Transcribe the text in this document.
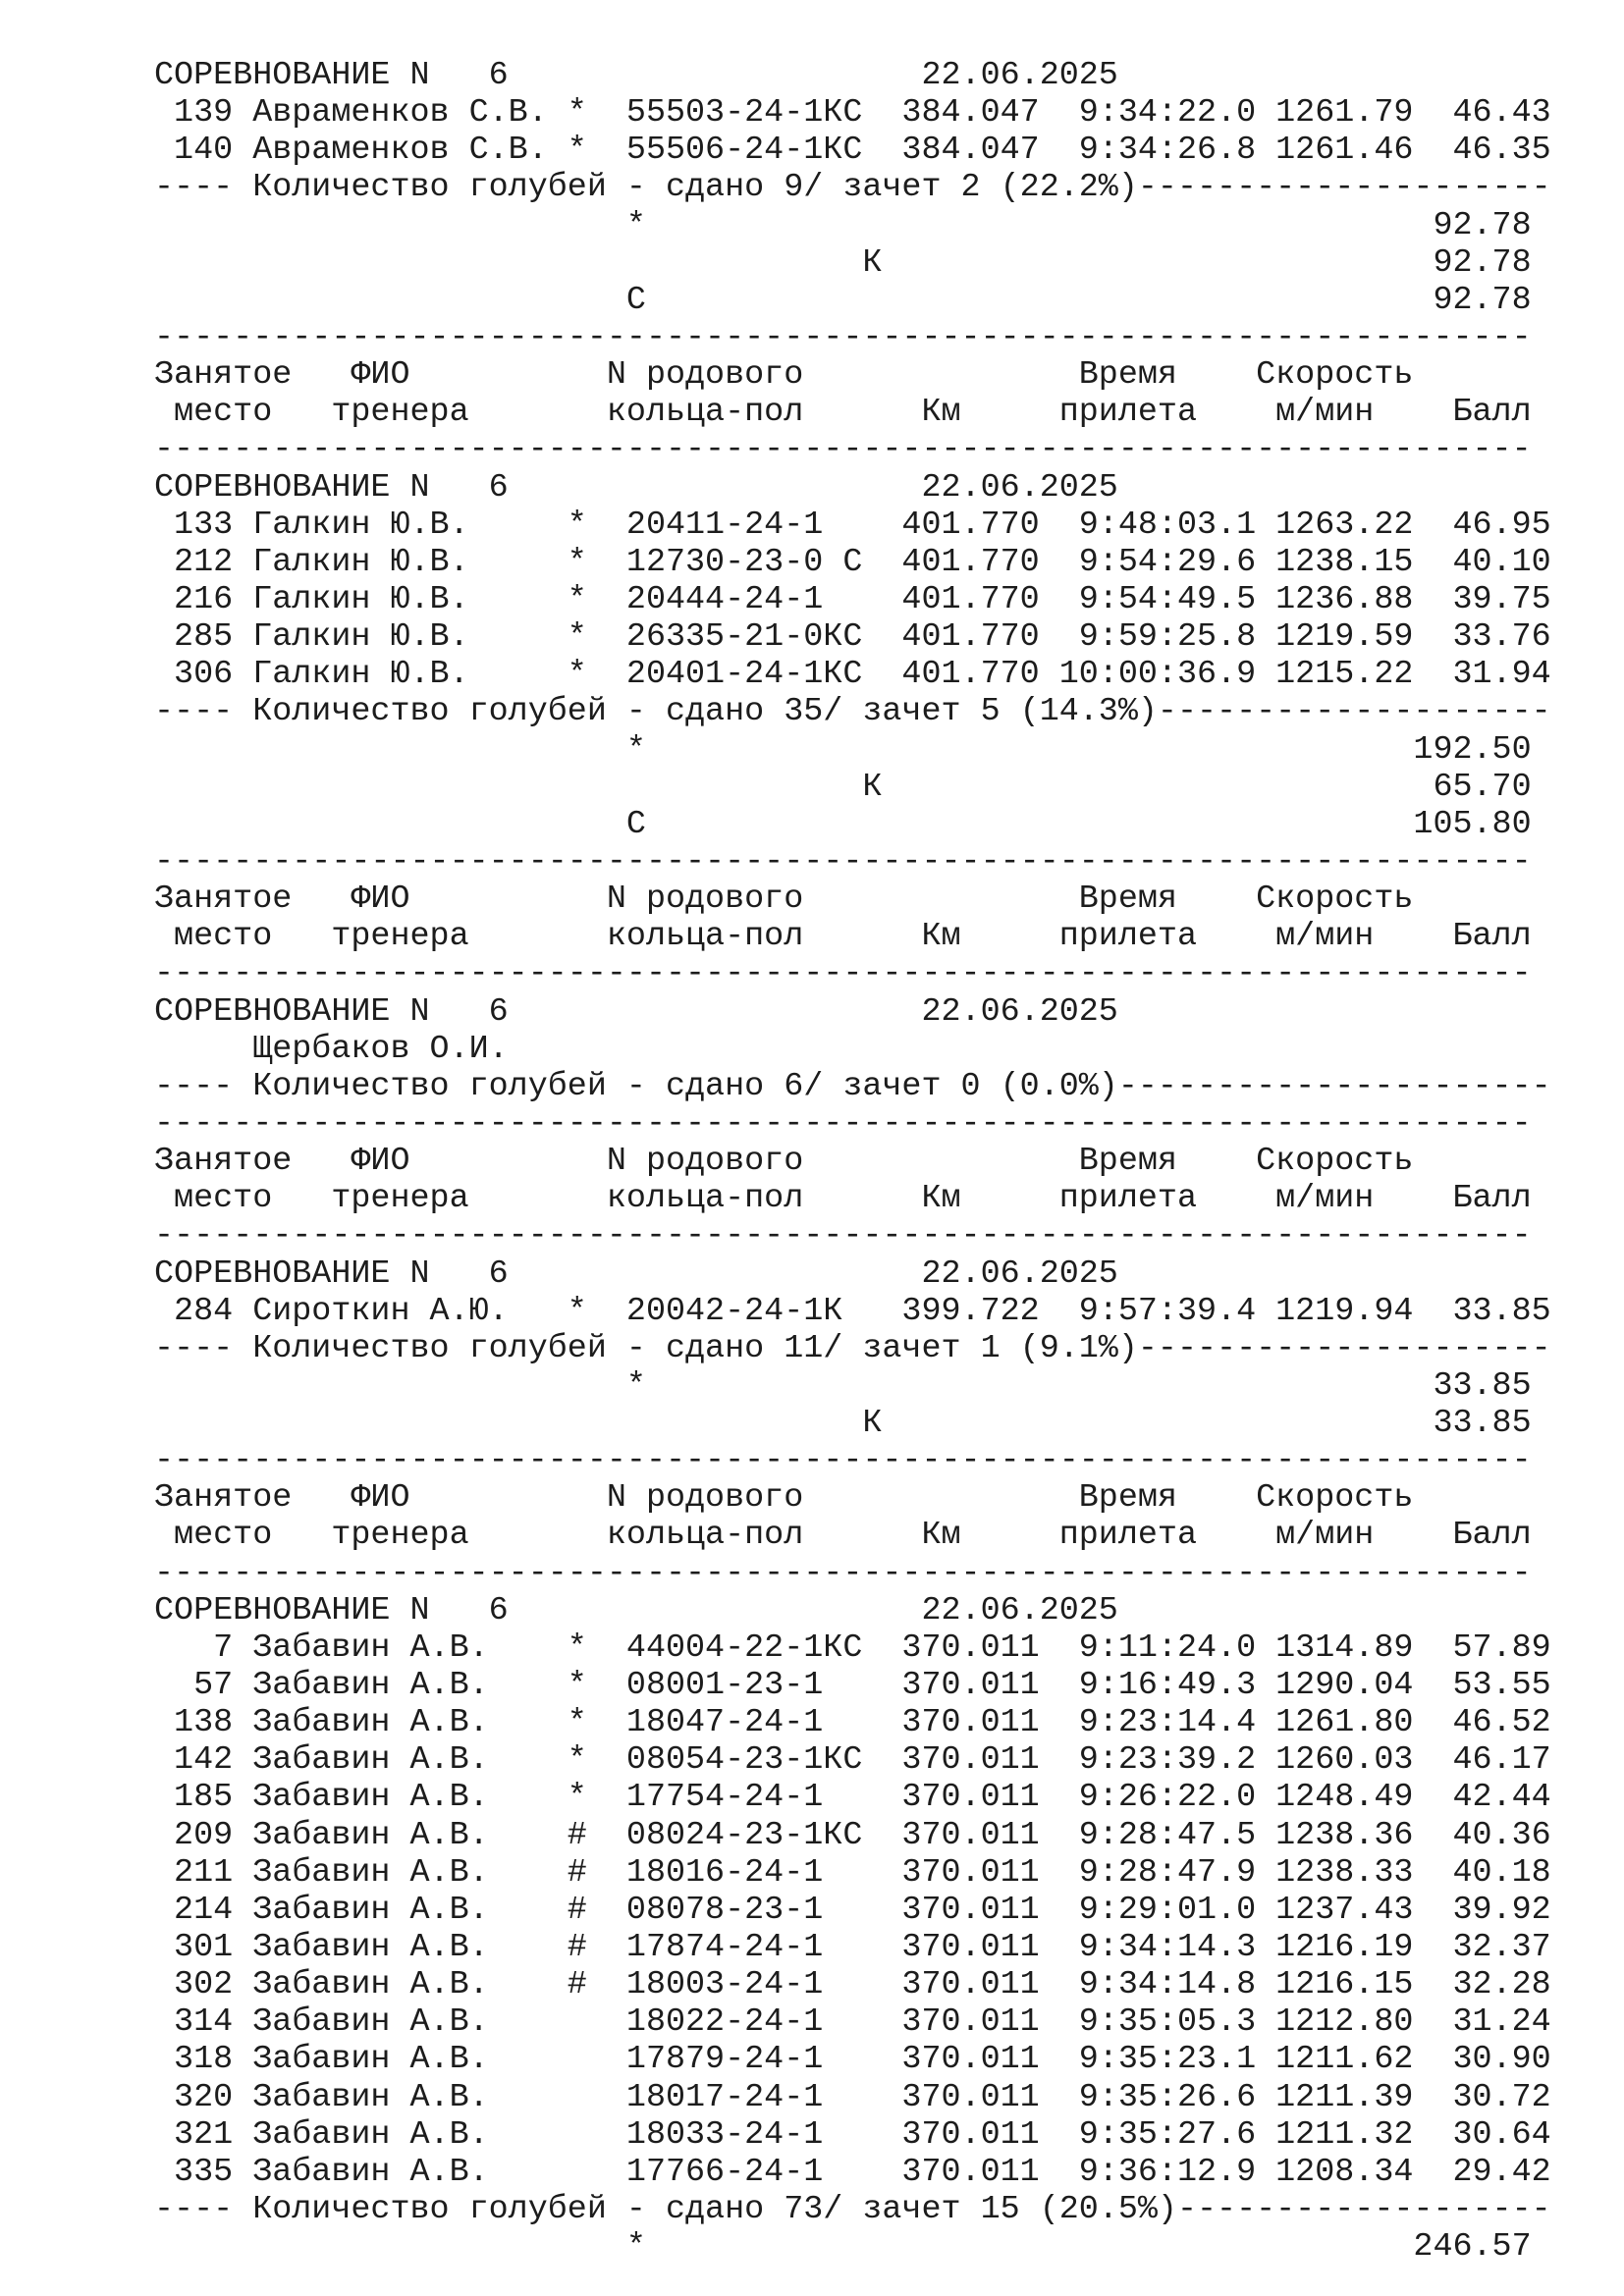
СОРЕВНОВАНИЕ N   6                     22.06.2025
139 Авраменков С.В. *  55503-24-1КС  384.047  9:34:22.0 1261.79  46.43
140 Авраменков С.В. *  55506-24-1КС  384.047  9:34:26.8 1261.46  46.35
---- Количество голубей - сдано 9/ зачет 2 (22.2%)---------------------
*                                        92.78
К                            92.78
С                                        92.78
----------------------------------------------------------------------
Занятое   ФИО          N родового              Время    Скорость
место   тренера       кольца-пол      Км     прилета    м/мин    Балл
----------------------------------------------------------------------
СОРЕВНОВАНИЕ N   6                     22.06.2025
133 Галкин Ю.В.     *  20411-24-1    401.770  9:48:03.1 1263.22  46.95
212 Галкин Ю.В.     *  12730-23-0 С  401.770  9:54:29.6 1238.15  40.10
216 Галкин Ю.В.     *  20444-24-1    401.770  9:54:49.5 1236.88  39.75
285 Галкин Ю.В.     *  26335-21-0КС  401.770  9:59:25.8 1219.59  33.76
306 Галкин Ю.В.     *  20401-24-1КС  401.770 10:00:36.9 1215.22  31.94
---- Количество голубей - сдано 35/ зачет 5 (14.3%)--------------------
*                                       192.50
К                            65.70
С                                       105.80
----------------------------------------------------------------------
Занятое   ФИО          N родового              Время    Скорость
место   тренера       кольца-пол      Км     прилета    м/мин    Балл
----------------------------------------------------------------------
СОРЕВНОВАНИЕ N   6                     22.06.2025
Щербаков О.И.
---- Количество голубей - сдано 6/ зачет 0 (0.0%)----------------------
----------------------------------------------------------------------
Занятое   ФИО          N родового              Время    Скорость
место   тренера       кольца-пол      Км     прилета    м/мин    Балл
----------------------------------------------------------------------
СОРЕВНОВАНИЕ N   6                     22.06.2025
284 Сироткин А.Ю.   *  20042-24-1К   399.722  9:57:39.4 1219.94  33.85
---- Количество голубей - сдано 11/ зачет 1 (9.1%)---------------------
*                                        33.85
К                            33.85
----------------------------------------------------------------------
Занятое   ФИО          N родового              Время    Скорость
место   тренера       кольца-пол      Км     прилета    м/мин    Балл
----------------------------------------------------------------------
СОРЕВНОВАНИЕ N   6                     22.06.2025
7 Забавин А.В.    *  44004-22-1КС  370.011  9:11:24.0 1314.89  57.89
57 Забавин А.В.    *  08001-23-1    370.011  9:16:49.3 1290.04  53.55
138 Забавин А.В.    *  18047-24-1    370.011  9:23:14.4 1261.80  46.52
142 Забавин А.В.    *  08054-23-1КС  370.011  9:23:39.2 1260.03  46.17
185 Забавин А.В.    *  17754-24-1    370.011  9:26:22.0 1248.49  42.44
209 Забавин А.В.    #  08024-23-1КС  370.011  9:28:47.5 1238.36  40.36
211 Забавин А.В.    #  18016-24-1    370.011  9:28:47.9 1238.33  40.18
214 Забавин А.В.    #  08078-23-1    370.011  9:29:01.0 1237.43  39.92
301 Забавин А.В.    #  17874-24-1    370.011  9:34:14.3 1216.19  32.37
302 Забавин А.В.    #  18003-24-1    370.011  9:34:14.8 1216.15  32.28
314 Забавин А.В.       18022-24-1    370.011  9:35:05.3 1212.80  31.24
318 Забавин А.В.       17879-24-1    370.011  9:35:23.1 1211.62  30.90
320 Забавин А.В.       18017-24-1    370.011  9:35:26.6 1211.39  30.72
321 Забавин А.В.       18033-24-1    370.011  9:35:27.6 1211.32  30.64
335 Забавин А.В.       17766-24-1    370.011  9:36:12.9 1208.34  29.42
---- Количество голубей - сдано 73/ зачет 15 (20.5%)-------------------
*                                       246.57
